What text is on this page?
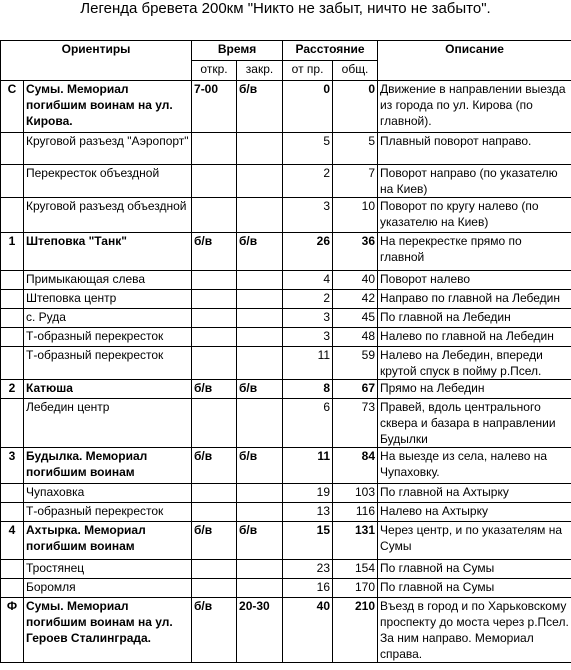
Легенда бревета 200км "Никто не забыт, ничто не забыто".
Ориентиры		Время		Расстояние		Описание
		откр.	закр.	от пр.	общ.	
С	Сумы. Мемориал погибшим воинам на ул. Кирова.	7-00	б/в	0	0	Движение в направлении выезда из города по ул. Кирова (по главной).
	Круговой разъезд "Аэропорт"			5	5	Плавный поворот направо.
	Перекресток объездной			2	7	Поворот направо (по указателю на Киев)
	Круговой разъезд объездной			3	10	Поворот по кругу налево (по указателю на Киев)
1	Штеповка "Танк"	б/в	б/в	26	36	На перекрестке прямо по главной
	Примыкающая слева			4	40	Поворот налево
	Штеповка центр			2	42	Направо по главной на Лебедин
	с. Руда			3	45	По главной на Лебедин
	Т-образный перекресток			3	48	Налево по главной на Лебедин
	Т-образный перекресток			11	59	Налево на Лебедин, впереди крутой спуск в пойму р.Псел.
2	Катюша	б/в	б/в	8	67	Прямо на Лебедин
	Лебедин центр			6	73	Правей, вдоль центрального сквера и базара в направлении Будылки
3	Будылка. Мемориал погибшим воинам	б/в	б/в	11	84	На выезде из села, налево на Чупаховку.
	Чупаховка			19	103	По главной на Ахтырку
	Т-образный перекресток			13	116	Налево на Ахтырку
4	Ахтырка. Мемориал погибшим воинам	б/в	б/в	15	131	Через центр, и по указателям на Сумы
	Тростянец			23	154	По главной на Сумы
	Боромля			16	170	По главной на Сумы
Ф	Сумы. Мемориал погибшим воинам на ул. Героев Сталинграда.	б/в	20-30	40	210	Въезд в город и по Харьковскому проспекту до моста через р.Псел. За ним направо. Мемориал справа.
